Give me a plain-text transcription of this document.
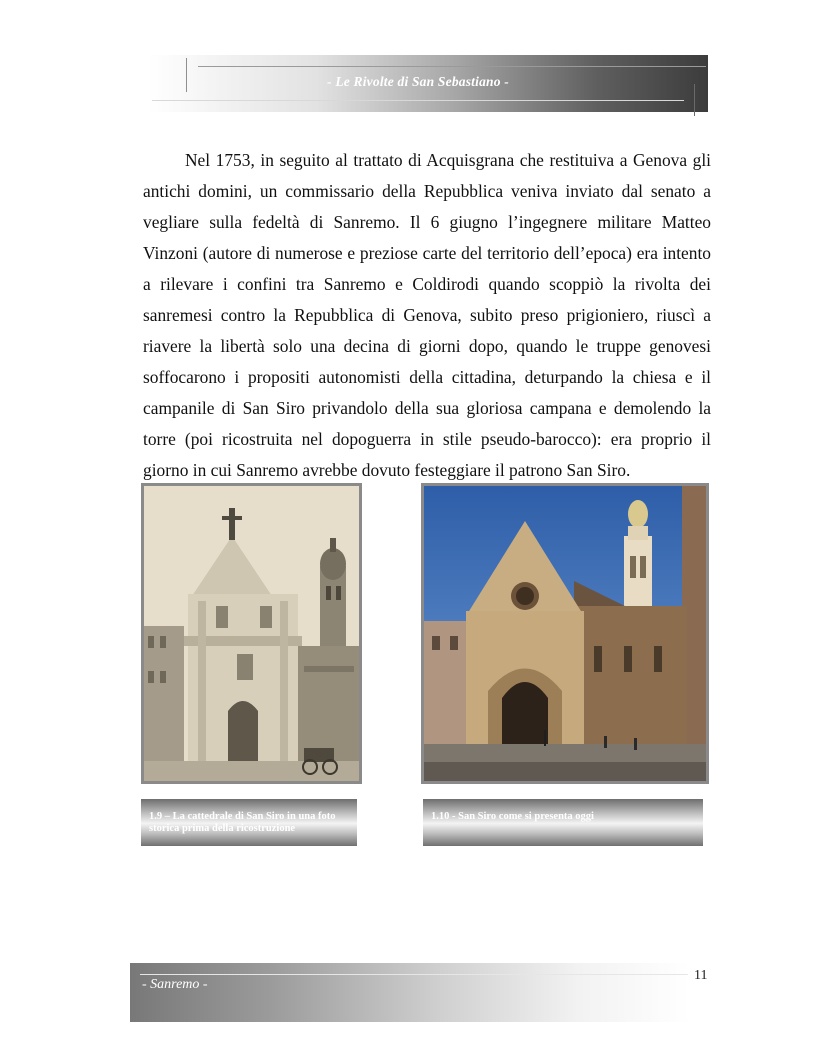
- Le Rivolte di San Sebastiano -

Nel 1753, in seguito al trattato di Acquisgrana che restituiva a Genova gli antichi domini, un commissario della Repubblica veniva inviato dal senato a vegliare sulla fedeltà di Sanremo. Il 6 giugno l’ingegnere militare Matteo Vinzoni (autore di numerose e preziose carte del territorio dell’epoca) era intento a rilevare i confini tra Sanremo e Coldirodi quando scoppiò la rivolta dei sanremesi contro la Repubblica di Genova, subito preso prigioniero, riuscì a riavere la libertà solo una decina di giorni dopo, quando le truppe genovesi soffocarono i propositi autonomisti della cittadina, deturpando la chiesa e il campanile di San Siro privandolo della sua gloriosa campana e demolendo la torre (poi ricostruita nel dopoguerra in stile pseudo-barocco): era proprio il giorno in cui Sanremo avrebbe dovuto festeggiare il patrono San Siro.

1.9 – La cattedrale di San Siro in una foto storica prima della ricostruzione
1.10 - San Siro come si presenta oggi
- Sanremo -
11
